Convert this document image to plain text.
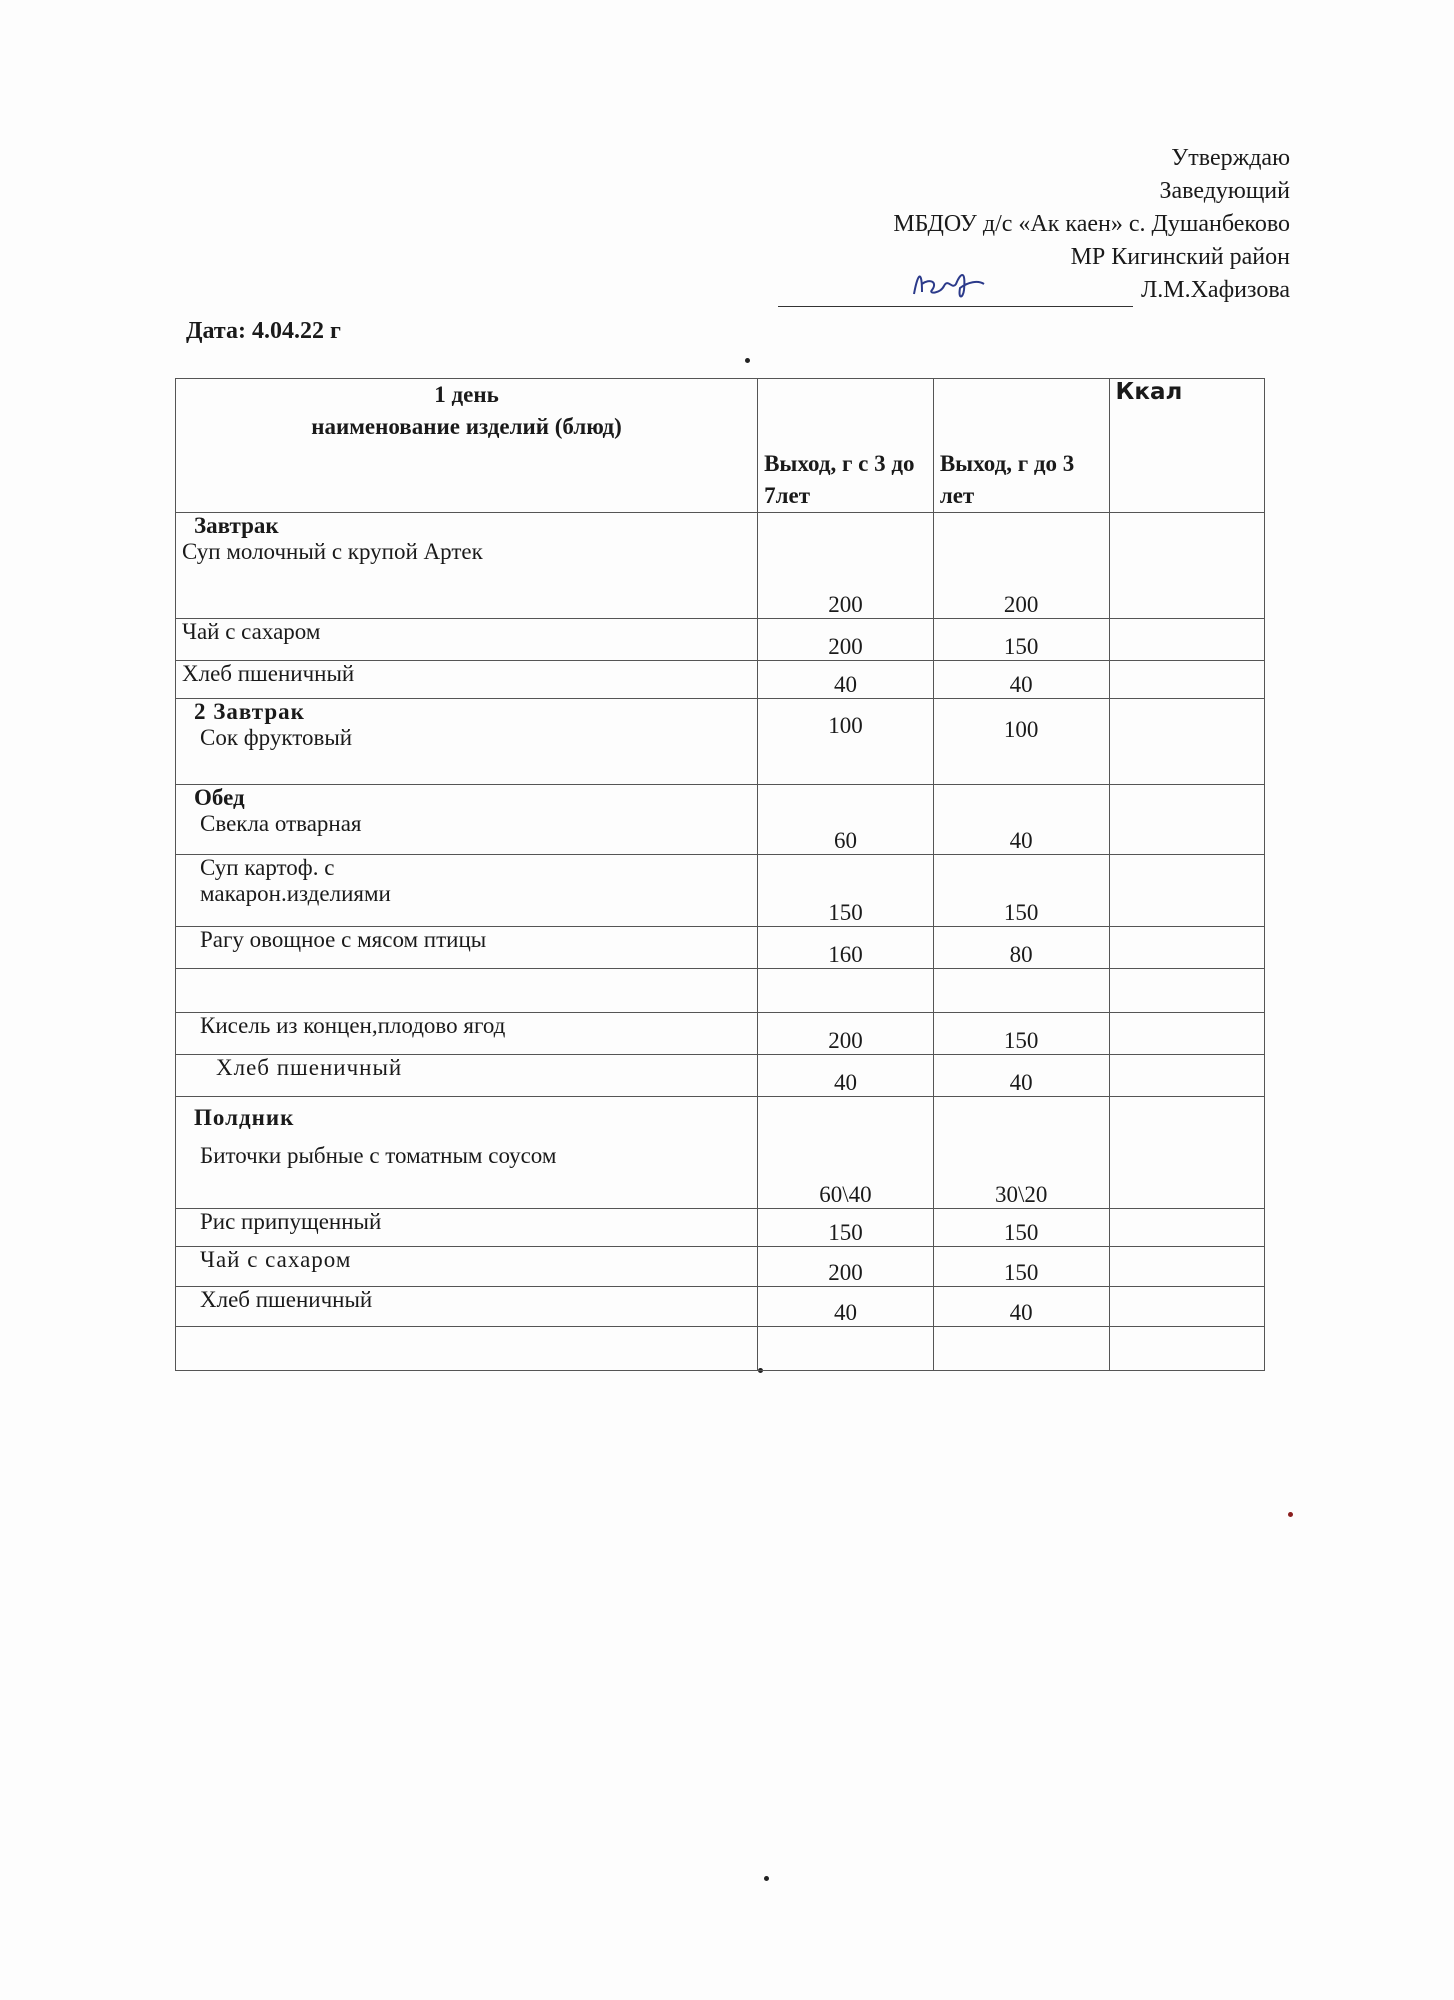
Утверждаю
Заведующий
МБДОУ д/с «Ак каен» с. Душанбеково
МР Кигинский район
Л.М.Хафизова
Дата: 4.04.22 г
1 день
наименование изделий (блюд)	Выход, г с 3 до 7лет	Выход, г до 3 лет	Ккал

Завтрак
Суп молочный с крупой Артек	200	200	

Чай с сахаром	200	150	

Хлеб пшеничный	40	40	

2 Завтрак
Сок фруктовый	100	100	

Обед
Свекла отварная	60	40	

Суп картоф. с макарон.изделиями	150	150	

Рагу овощное с мясом птицы	160	80	

Кисель из концен,плодово ягод	200	150	

Хлеб пшеничный	40	40	

Полдник
Биточки рыбные с томатным соусом	60\40	30\20	

Рис припущенный	150	150	

Чай с сахаром	200	150	

Хлеб пшеничный	40	40	
